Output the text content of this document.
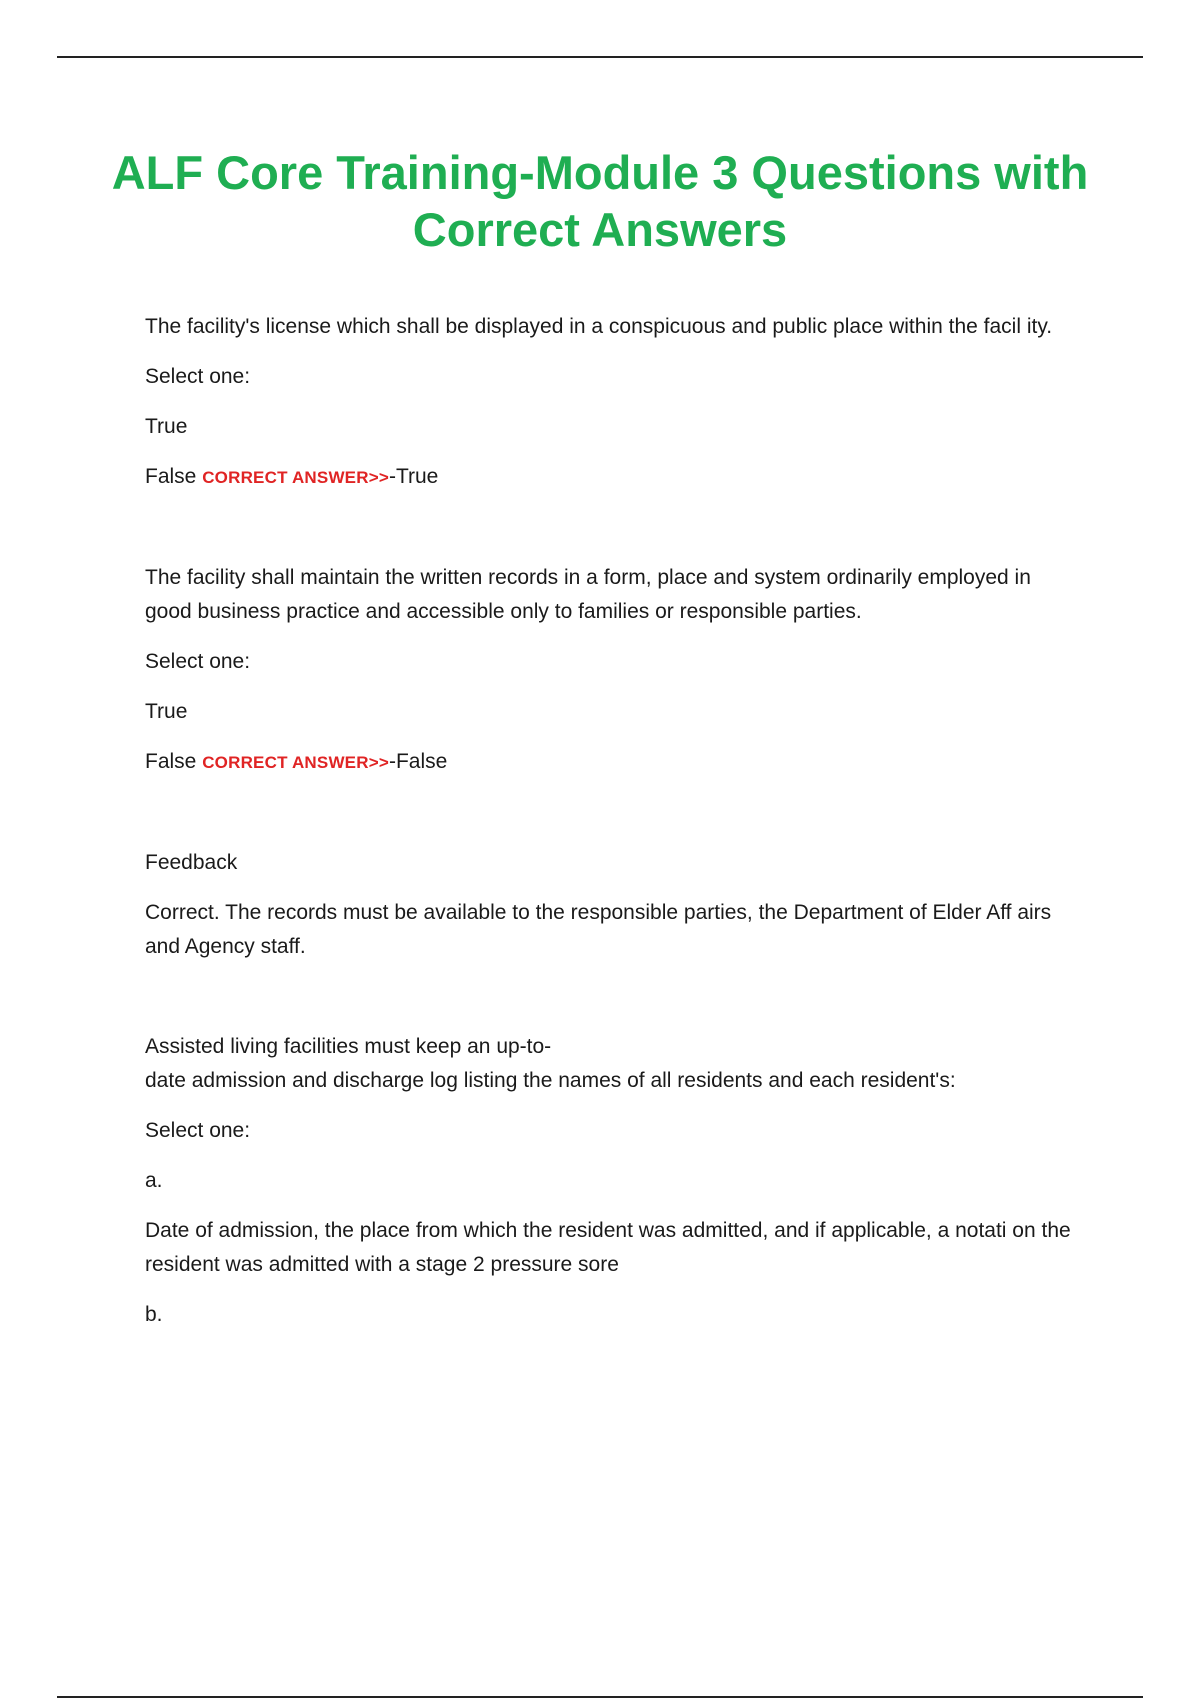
ALF Core Training-Module 3 Questions with Correct Answers

The facility's license which shall be displayed in a conspicuous and public place within the facil ity.

Select one:

True

False CORRECT ANSWER>>-True

The facility shall maintain the written records in a form, place and system ordinarily employed in good business practice and accessible only to families or responsible parties.

Select one:

True

False CORRECT ANSWER>>-False

Feedback

Correct. The records must be available to the responsible parties, the Department of Elder Aff airs and Agency staff.

Assisted living facilities must keep an up-to-
date admission and discharge log listing the names of all residents and each resident's:

Select one:

a.

Date of admission, the place from which the resident was admitted, and if applicable, a notati on the resident was admitted with a stage 2 pressure sore

b.
